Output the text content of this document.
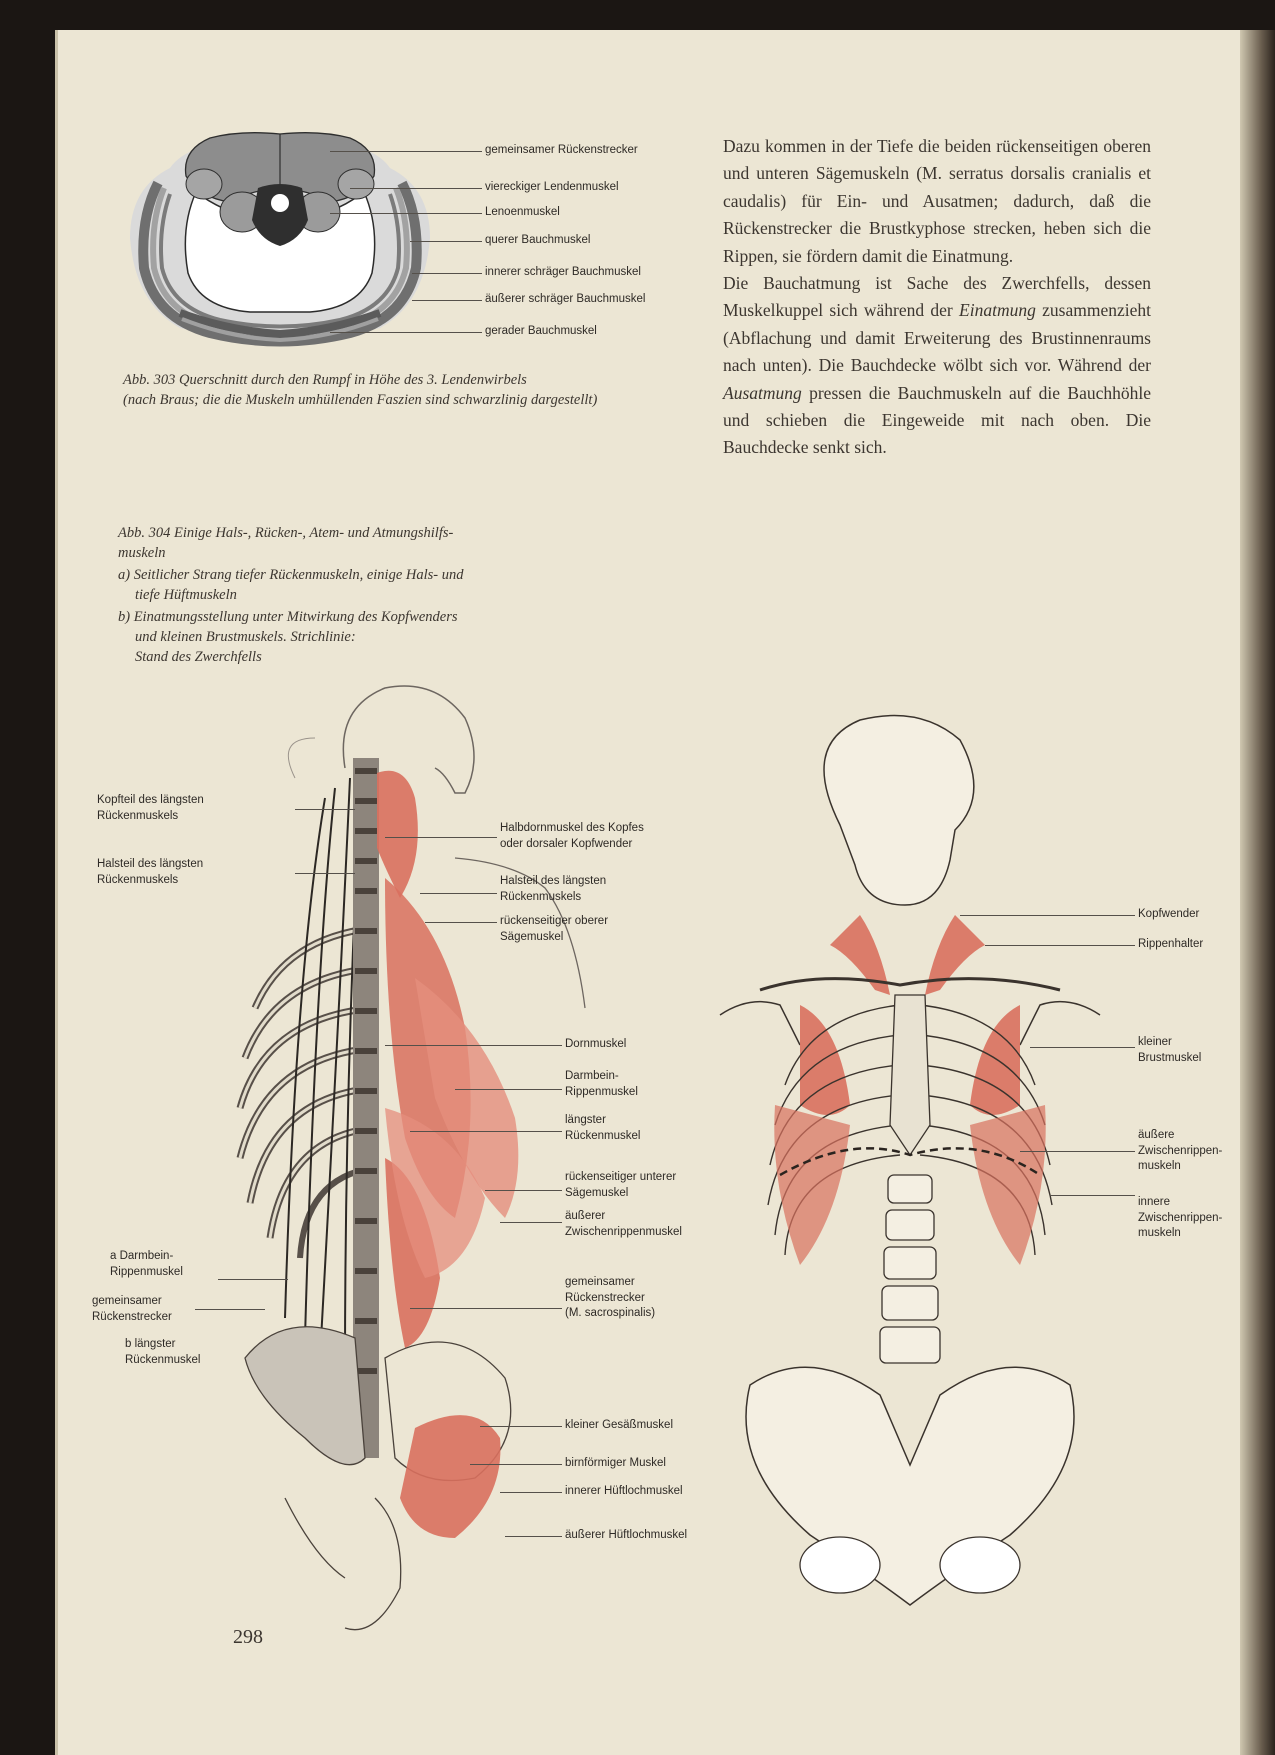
gemeinsamer Rückenstrecker
viereckiger Lendenmuskel
Lenoenmuskel
querer Bauchmuskel
innerer schräger Bauchmuskel
äußerer schräger Bauchmuskel
gerader Bauchmuskel
Abb. 303 Querschnitt durch den Rumpf in Höhe des 3. Lendenwirbels
(nach Braus; die die Muskeln umhüllenden Faszien sind schwarzlinig dargestellt)

Dazu kommen in der Tiefe die beiden rückenseitigen oberen und unteren Sägemuskeln (M. serratus dorsalis cranialis et caudalis) für Ein- und Ausatmen; dadurch, daß die Rückenstrecker die Brustkyphose strecken, heben sich die Rippen, sie fördern damit die Einatmung.

Die Bauchatmung ist Sache des Zwerchfells, dessen Muskelkuppel sich während der Einatmung zusammenzieht (Abflachung und damit Erweiterung des Brustinnenraums nach unten). Die Bauchdecke wölbt sich vor. Während der Ausatmung pressen die Bauchmuskeln auf die Bauchhöhle und schieben die Eingeweide mit nach oben. Die Bauchdecke senkt sich.

Abb. 304 Einige Hals-, Rücken-, Atem- und Atmungshilfs-
muskeln
a) Seitlicher Strang tiefer Rückenmuskeln, einige Hals- und
tiefe Hüftmuskeln
b) Einatmungsstellung unter Mitwirkung des Kopfwenders
und kleinen Brustmuskels. Strichlinie:
Stand des Zwerchfells
Kopfteil des längsten
Rückenmuskels
Halsteil des längsten
Rückenmuskels
a Darmbein-
Rippenmuskel
gemeinsamer
Rückenstrecker
b längster
Rückenmuskel
Halbdornmuskel des Kopfes
oder dorsaler Kopfwender
Halsteil des längsten
Rückenmuskels
rückenseitiger oberer
Sägemuskel
Dornmuskel
Darmbein-
Rippenmuskel
längster
Rückenmuskel
rückenseitiger unterer
Sägemuskel
äußerer
Zwischenrippenmuskel
gemeinsamer
Rückenstrecker
(M. sacrospinalis)
kleiner Gesäßmuskel
birnförmiger Muskel
innerer Hüftlochmuskel
äußerer Hüftlochmuskel
Kopfwender
Rippenhalter
kleiner
Brustmuskel
äußere
Zwischenrippen-
muskeln
innere
Zwischenrippen-
muskeln
298
